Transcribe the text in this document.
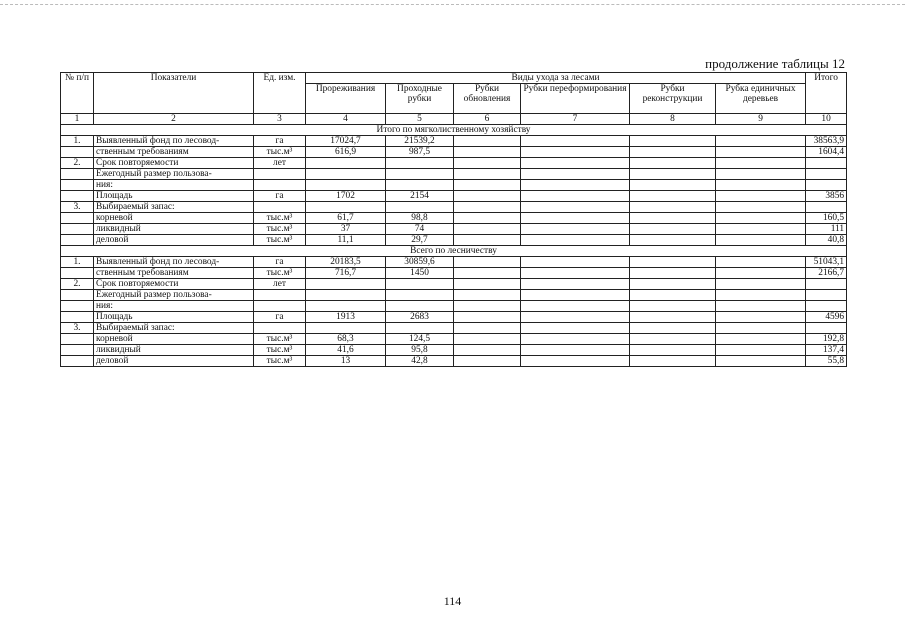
продолжение таблицы 12
№ п/п	Показатели	Ед. изм.	Виды ухода за лесами						Итого
			Прореживания	Проходные рубки	Рубки обновления	Рубки переформирования	Рубки реконструкции	Рубка единичных деревьев	
1	2	3	4	5	6	7	8	9	10
Итого по мягколиственному хозяйству									
1.	Выявленный фонд по лесовод-	га	17024,7	21539,2					38563,9
	ственным требованиям	тыс.м³	616,9	987,5					1604,4
2.	Срок повторяемости	лет							
	Ежегодный размер пользова-								
	ния:								
	Площадь	га	1702	2154					3856
3.	Выбираемый запас:								
	корневой	тыс.м³	61,7	98,8					160,5
	ликвидный	тыс.м³	37	74					111
	деловой	тыс.м³	11,1	29,7					40,8
Всего по лесничеству									
1.	Выявленный фонд по лесовод-	га	20183,5	30859,6					51043,1
	ственным требованиям	тыс.м³	716,7	1450					2166,7
2.	Срок повторяемости	лет							
	Ежегодный размер пользова-								
	ния:								
	Площадь	га	1913	2683					4596
3.	Выбираемый запас:								
	корневой	тыс.м³	68,3	124,5					192,8
	ликвидный	тыс.м³	41,6	95,8					137,4
	деловой	тыс.м³	13	42,8					55,8
114
